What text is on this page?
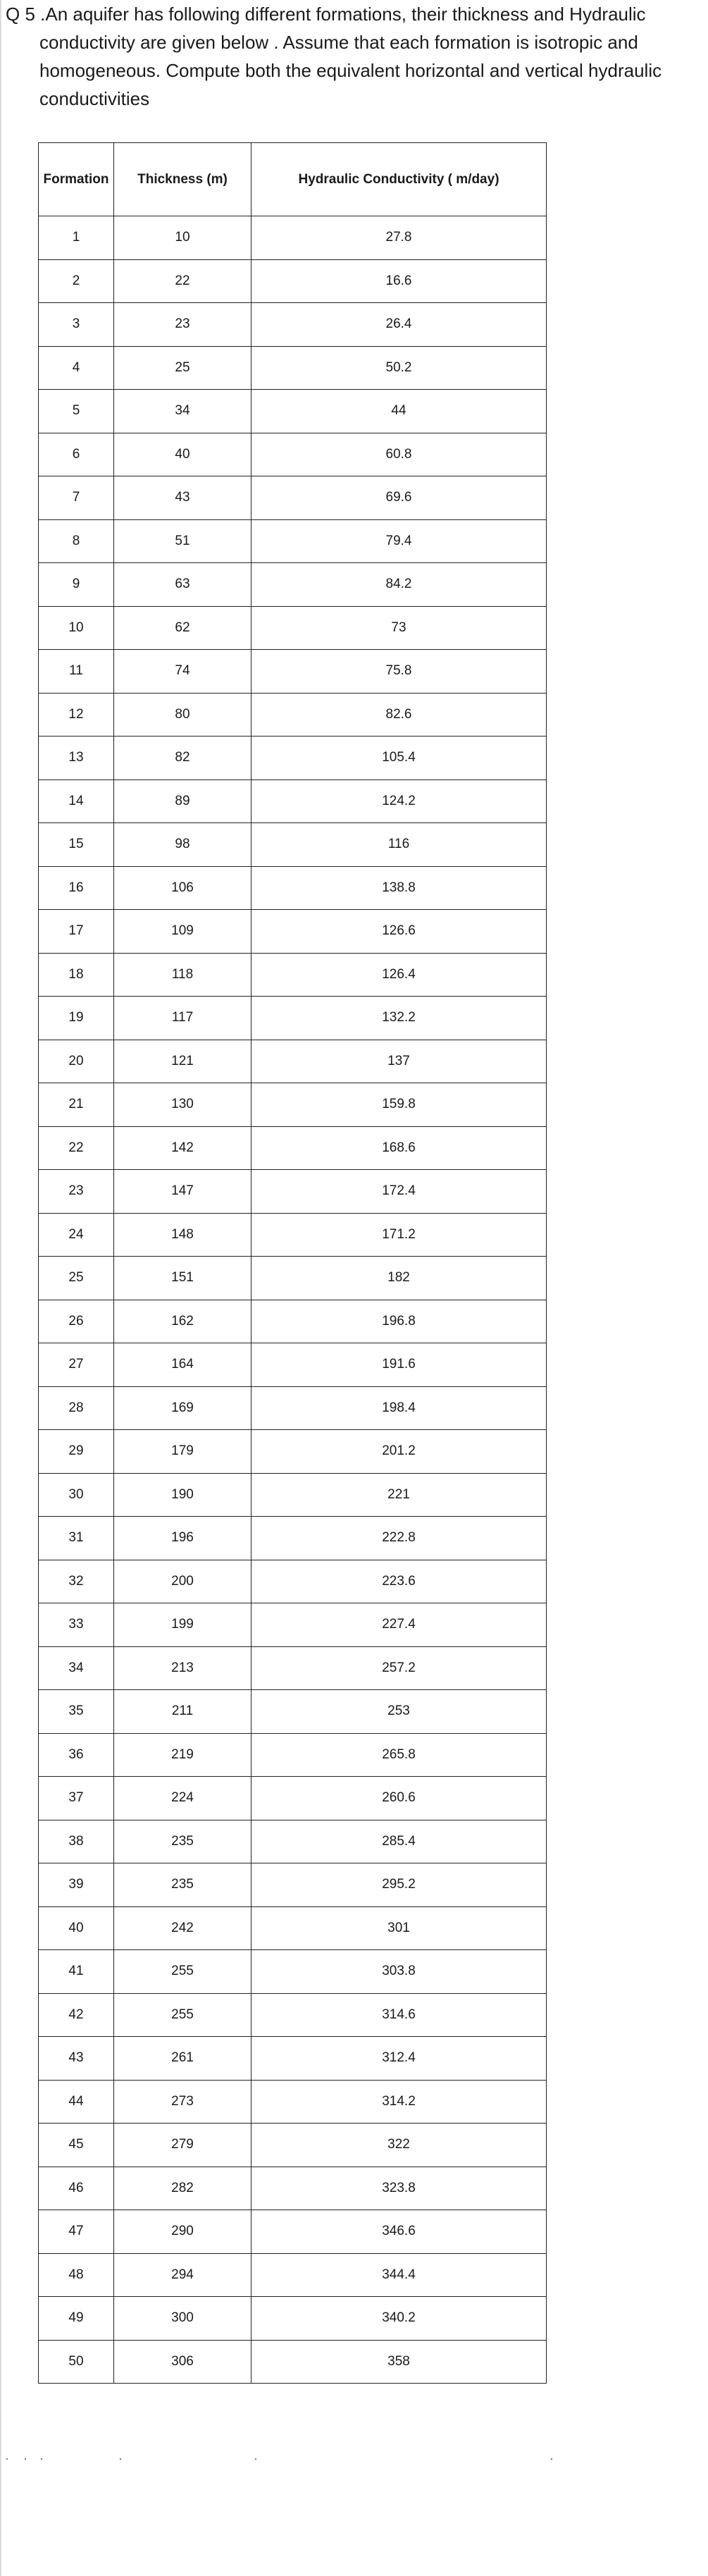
Q 5 .An aquifer has following different formations, their thickness and Hydraulic
conductivity are given below . Assume that each formation is isotropic and
homogeneous. Compute both the equivalent horizontal and vertical hydraulic
conductivities
Formation	Thickness (m)	Hydraulic Conductivity ( m/day)
1	10	27.8
2	22	16.6
3	23	26.4
4	25	50.2
5	34	44
6	40	60.8
7	43	69.6
8	51	79.4
9	63	84.2
10	62	73
11	74	75.8
12	80	82.6
13	82	105.4
14	89	124.2
15	98	116
16	106	138.8
17	109	126.6
18	118	126.4
19	117	132.2
20	121	137
21	130	159.8
22	142	168.6
23	147	172.4
24	148	171.2
25	151	182
26	162	196.8
27	164	191.6
28	169	198.4
29	179	201.2
30	190	221
31	196	222.8
32	200	223.6
33	199	227.4
34	213	257.2
35	211	253
36	219	265.8
37	224	260.6
38	235	285.4
39	235	295.2
40	242	301
41	255	303.8
42	255	314.6
43	261	312.4
44	273	314.2
45	279	322
46	282	323.8
47	290	346.6
48	294	344.4
49	300	340.2
50	306	358
